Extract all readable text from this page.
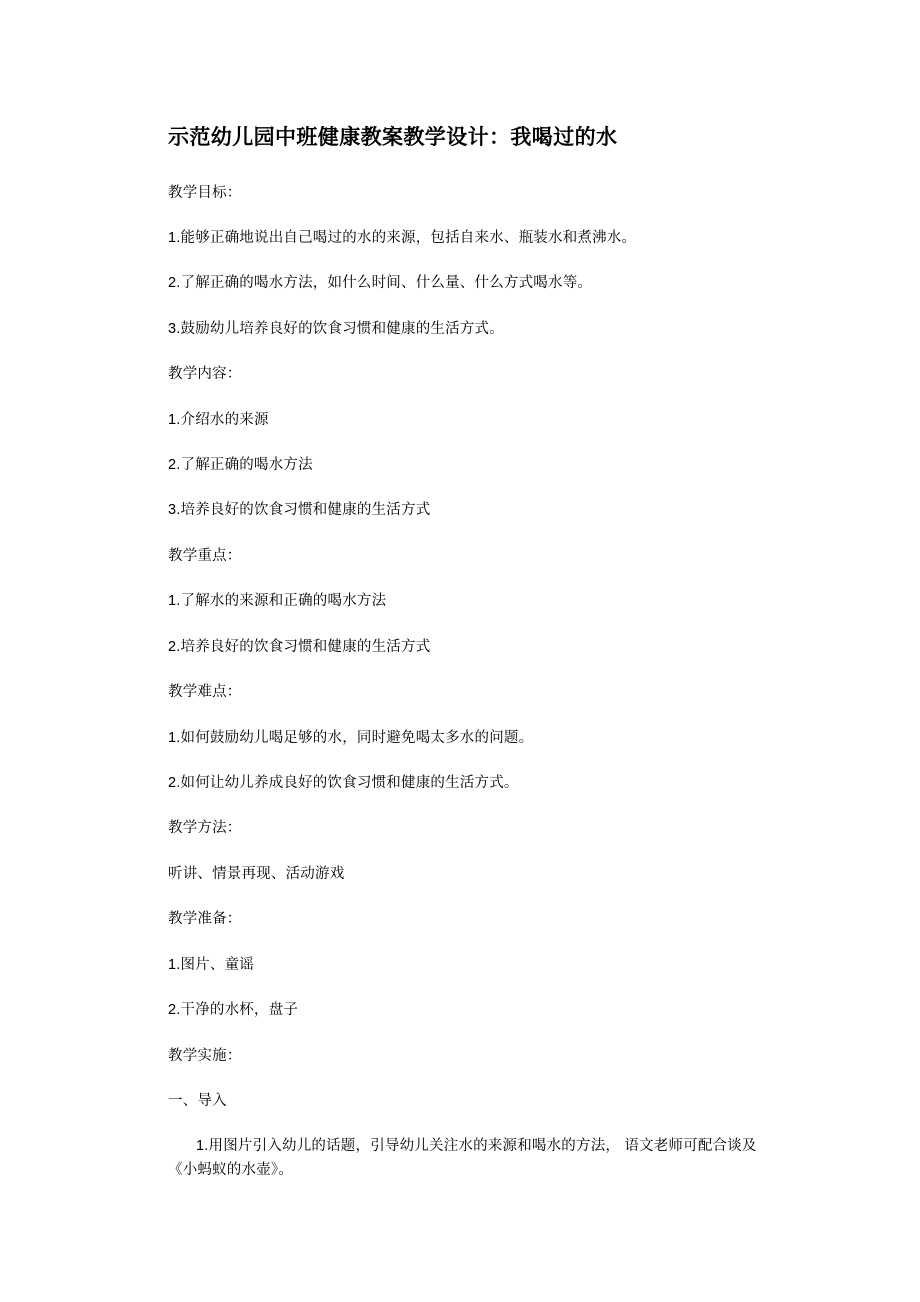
示范幼儿园中班健康教案教学设计：我喝过的水

教学目标：

1.能够正确地说出自己喝过的水的来源，包括自来水、瓶装水和煮沸水。

2.了解正确的喝水方法，如什么时间、什么量、什么方式喝水等。

3.鼓励幼儿培养良好的饮食习惯和健康的生活方式。

教学内容：

1.介绍水的来源

2.了解正确的喝水方法

3.培养良好的饮食习惯和健康的生活方式

教学重点：

1.了解水的来源和正确的喝水方法

2.培养良好的饮食习惯和健康的生活方式

教学难点：

1.如何鼓励幼儿喝足够的水，同时避免喝太多水的问题。

2.如何让幼儿养成良好的饮食习惯和健康的生活方式。

教学方法：

听讲、情景再现、活动游戏

教学准备：

1.图片、童谣

2.干净的水杯，盘子

教学实施：

一、导入

1.用图片引入幼儿的话题，引导幼儿关注水的来源和喝水的方法， 语文老师可配合谈及《小蚂蚁的水壶》。
